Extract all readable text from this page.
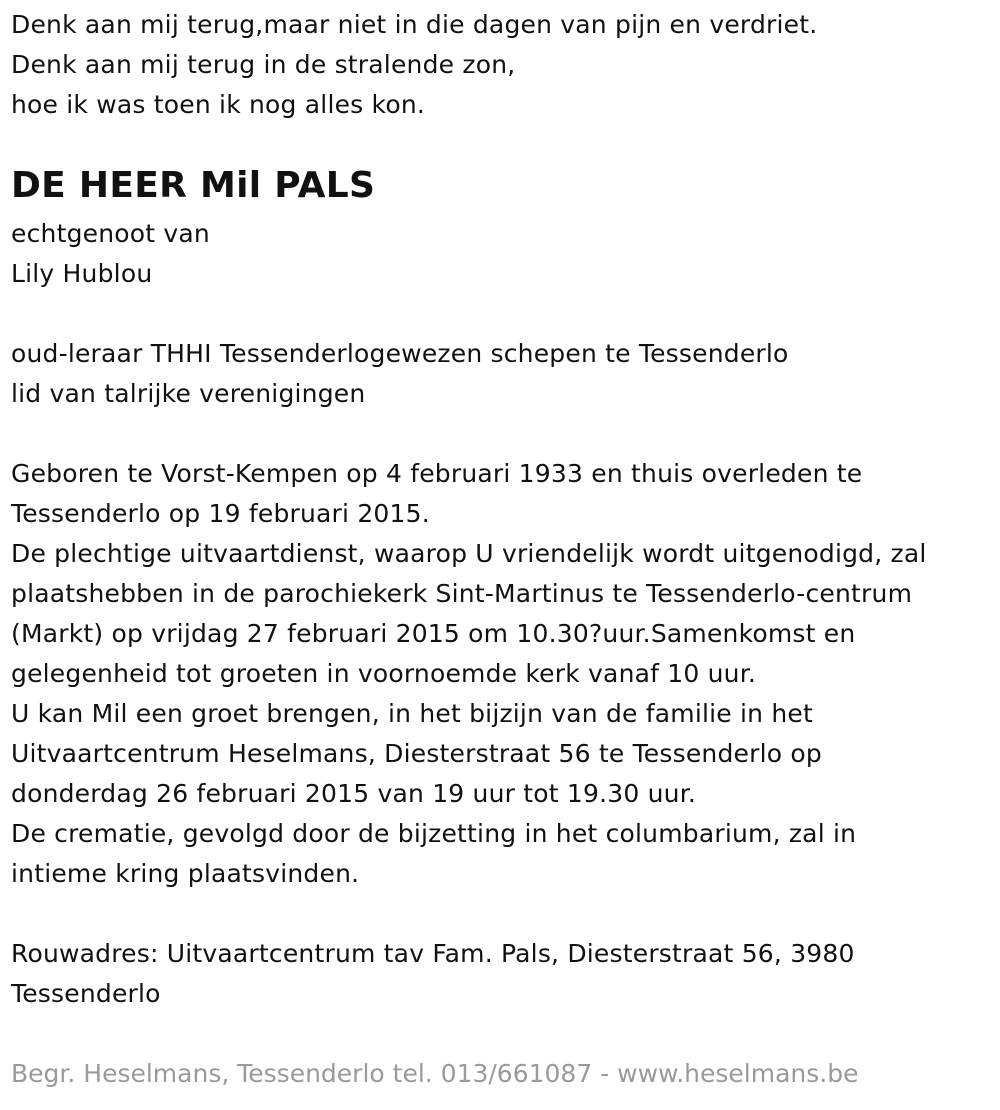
Denk aan mij terug,maar niet in die dagen van pijn en verdriet.
Denk aan mij terug in de stralende zon,
hoe ik was toen ik nog alles kon.
DE HEER Mil PALS
echtgenoot van
Lily Hublou
oud-leraar THHI Tessenderlogewezen schepen te Tessenderlo
lid van talrijke verenigingen
Geboren te Vorst-Kempen op 4 februari 1933 en thuis overleden te
Tessenderlo op 19 februari 2015.
De plechtige uitvaartdienst, waarop U vriendelijk wordt uitgenodigd, zal
plaatshebben in de parochiekerk Sint-Martinus te Tessenderlo-centrum
(Markt) op vrijdag 27 februari 2015 om 10.30?uur.Samenkomst en
gelegenheid tot groeten in voornoemde kerk vanaf 10 uur.
U kan Mil een groet brengen, in het bijzijn van de familie in het
Uitvaartcentrum Heselmans, Diesterstraat 56 te Tessenderlo op
donderdag 26 februari 2015 van 19 uur tot 19.30 uur.
De crematie, gevolgd door de bijzetting in het columbarium, zal in
intieme kring plaatsvinden.
Rouwadres: Uitvaartcentrum tav Fam. Pals, Diesterstraat 56, 3980
Tessenderlo
Begr. Heselmans, Tessenderlo tel. 013/661087 - www.heselmans.be
